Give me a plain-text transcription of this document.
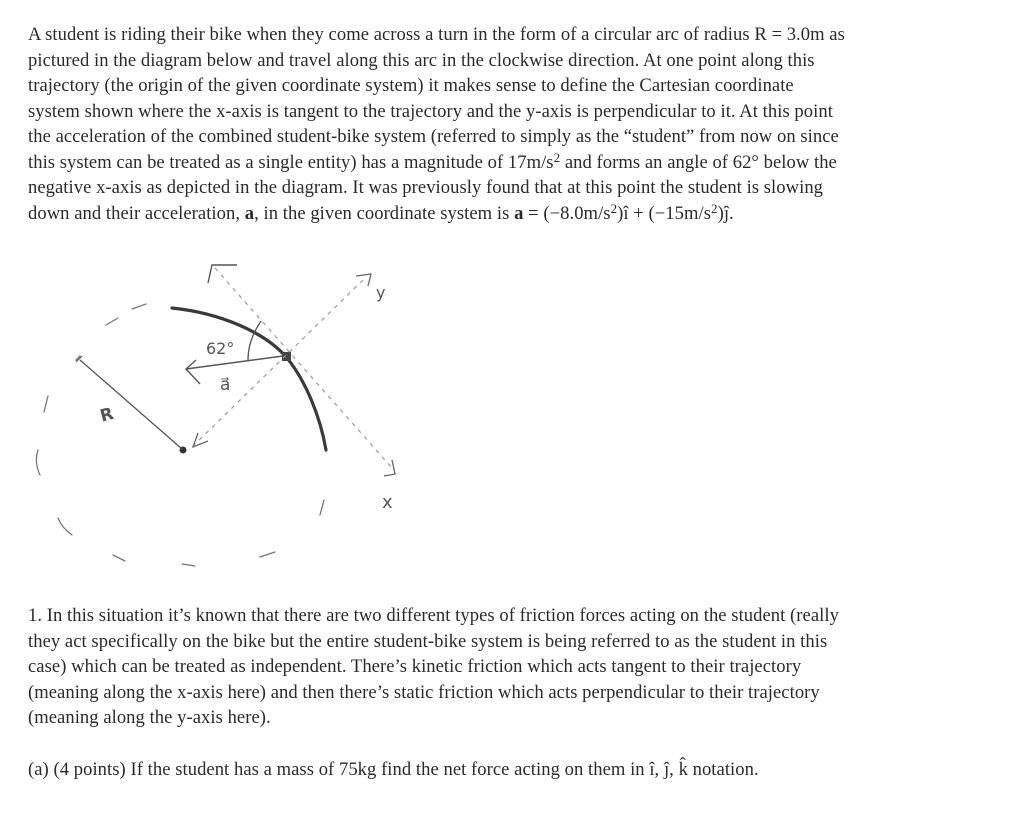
A student is riding their bike when they come across a turn in the form of a circular arc of radius R = 3.0m as
pictured in the diagram below and travel along this arc in the clockwise direction. At one point along this
trajectory (the origin of the given coordinate system) it makes sense to define the Cartesian coordinate
system shown where the x-axis is tangent to the trajectory and the y-axis is perpendicular to it. At this point
the acceleration of the combined student-bike system (referred to simply as the “student” from now on since
this system can be treated as a single entity) has a magnitude of $17m/s^2$ and forms an angle of 62° below the
negative x-axis as depicted in the diagram. It was previously found that at this point the student is slowing
down and their acceleration, a, in the given coordinate system is $a = (-8.0m/s^2)î$ + $(-15m/s^2)ĵ$.
R
y
x
62°
a⃗
1. In this situation it’s known that there are two different types of friction forces acting on the student (really
they act specifically on the bike but the entire student-bike system is being referred to as the student in this
case) which can be treated as independent. There’s kinetic friction which acts tangent to their trajectory
(meaning along the x-axis here) and then there’s static friction which acts perpendicular to their trajectory
(meaning along the y-axis here).
(a) (4 points) If the student has a mass of 75kg find the net force acting on them in î, ĵ, k̂ notation.
